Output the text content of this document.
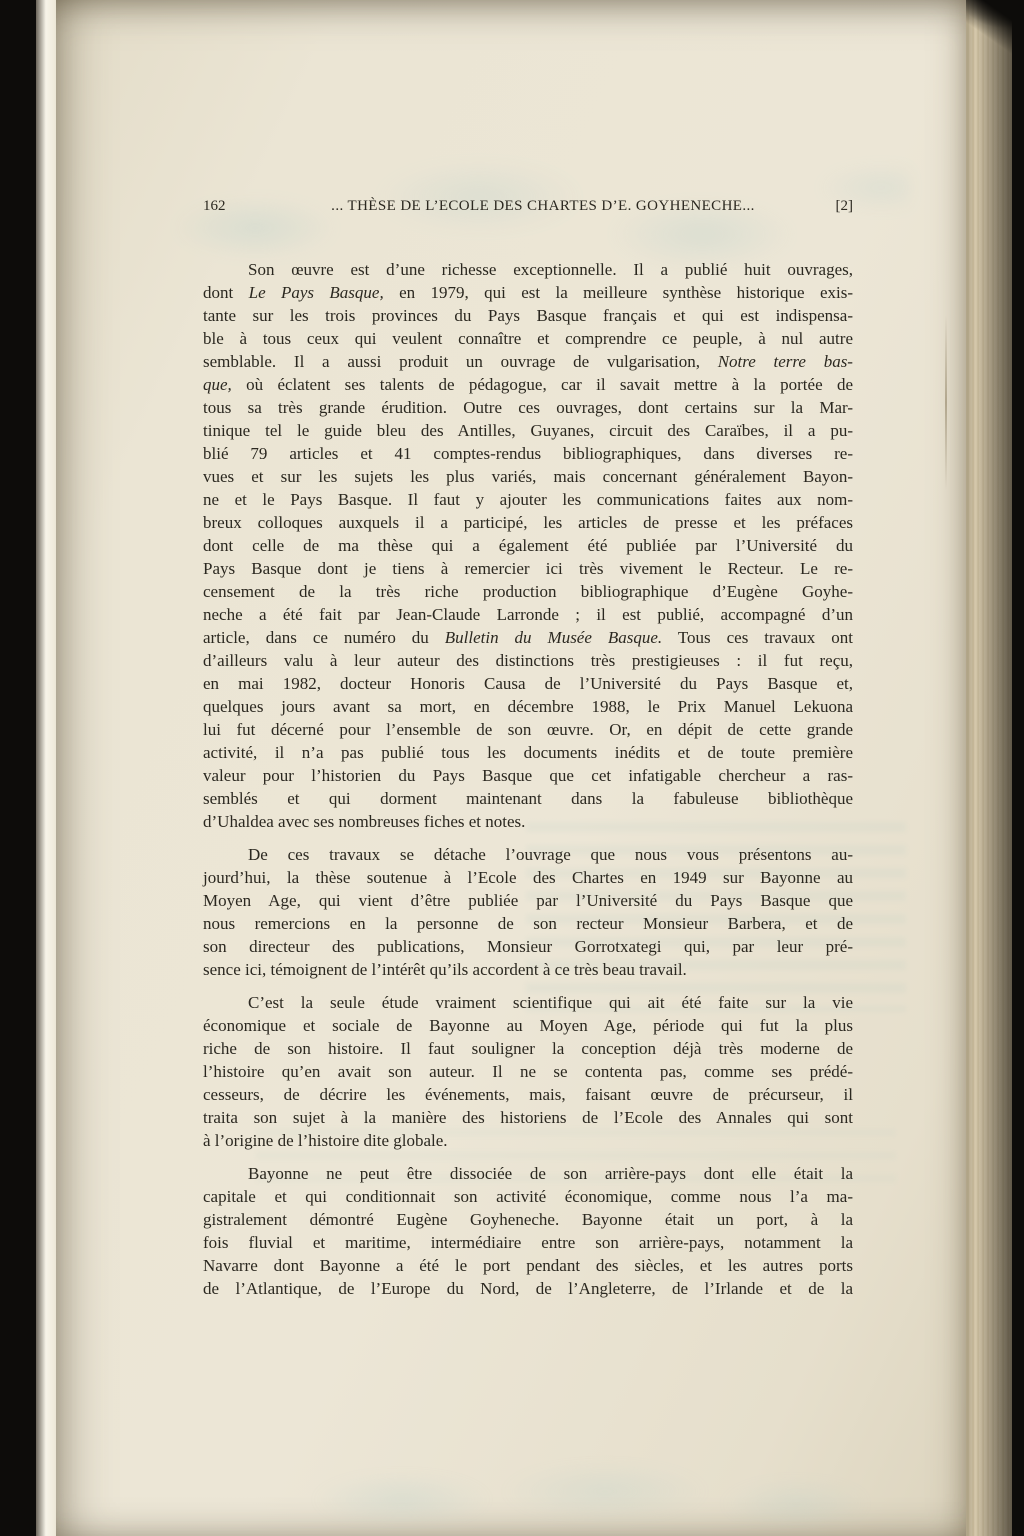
162	... THÈSE DE L’ECOLE DES CHARTES D’E. GOYHENECHE...	[2]
Son œuvre est d’une richesse exceptionnelle. Il a publié huit ouvrages,
dont Le Pays Basque, en 1979, qui est la meilleure synthèse historique exis-
tante sur les trois provinces du Pays Basque français et qui est indispensa-
ble à tous ceux qui veulent connaître et comprendre ce peuple, à nul autre
semblable. Il a aussi produit un ouvrage de vulgarisation, Notre terre bas-
que, où éclatent ses talents de pédagogue, car il savait mettre à la portée de
tous sa très grande érudition. Outre ces ouvrages, dont certains sur la Mar-
tinique tel le guide bleu des Antilles, Guyanes, circuit des Caraïbes, il a pu-
blié 79 articles et 41 comptes-rendus bibliographiques, dans diverses re-
vues et sur les sujets les plus variés, mais concernant généralement Bayon-
ne et le Pays Basque. Il faut y ajouter les communications faites aux nom-
breux colloques auxquels il a participé, les articles de presse et les préfaces
dont celle de ma thèse qui a également été publiée par l’Université du
Pays Basque dont je tiens à remercier ici très vivement le Recteur. Le re-
censement de la très riche production bibliographique d’Eugène Goyhe-
neche a été fait par Jean-Claude Larronde ; il est publié, accompagné d’un
article, dans ce numéro du Bulletin du Musée Basque. Tous ces travaux ont
d’ailleurs valu à leur auteur des distinctions très prestigieuses : il fut reçu,
en mai 1982, docteur Honoris Causa de l’Université du Pays Basque et,
quelques jours avant sa mort, en décembre 1988, le Prix Manuel Lekuona
lui fut décerné pour l’ensemble de son œuvre. Or, en dépit de cette grande
activité, il n’a pas publié tous les documents inédits et de toute première
valeur pour l’historien du Pays Basque que cet infatigable chercheur a ras-
semblés et qui dorment maintenant dans la fabuleuse bibliothèque
d’Uhaldea avec ses nombreuses fiches et notes.
De ces travaux se détache l’ouvrage que nous vous présentons au-
jourd’hui, la thèse soutenue à l’Ecole des Chartes en 1949 sur Bayonne au
Moyen Age, qui vient d’être publiée par l’Université du Pays Basque que
nous remercions en la personne de son recteur Monsieur Barbera, et de
son directeur des publications, Monsieur Gorrotxategi qui, par leur pré-
sence ici, témoignent de l’intérêt qu’ils accordent à ce très beau travail.
C’est la seule étude vraiment scientifique qui ait été faite sur la vie
économique et sociale de Bayonne au Moyen Age, période qui fut la plus
riche de son histoire. Il faut souligner la conception déjà très moderne de
l’histoire qu’en avait son auteur. Il ne se contenta pas, comme ses prédé-
cesseurs, de décrire les événements, mais, faisant œuvre de précurseur, il
traita son sujet à la manière des historiens de l’Ecole des Annales qui sont
à l’origine de l’histoire dite globale.
Bayonne ne peut être dissociée de son arrière-pays dont elle était la
capitale et qui conditionnait son activité économique, comme nous l’a ma-
gistralement démontré Eugène Goyheneche. Bayonne était un port, à la
fois fluvial et maritime, intermédiaire entre son arrière-pays, notamment la
Navarre dont Bayonne a été le port pendant des siècles, et les autres ports
de l’Atlantique, de l’Europe du Nord, de l’Angleterre, de l’Irlande et de la
